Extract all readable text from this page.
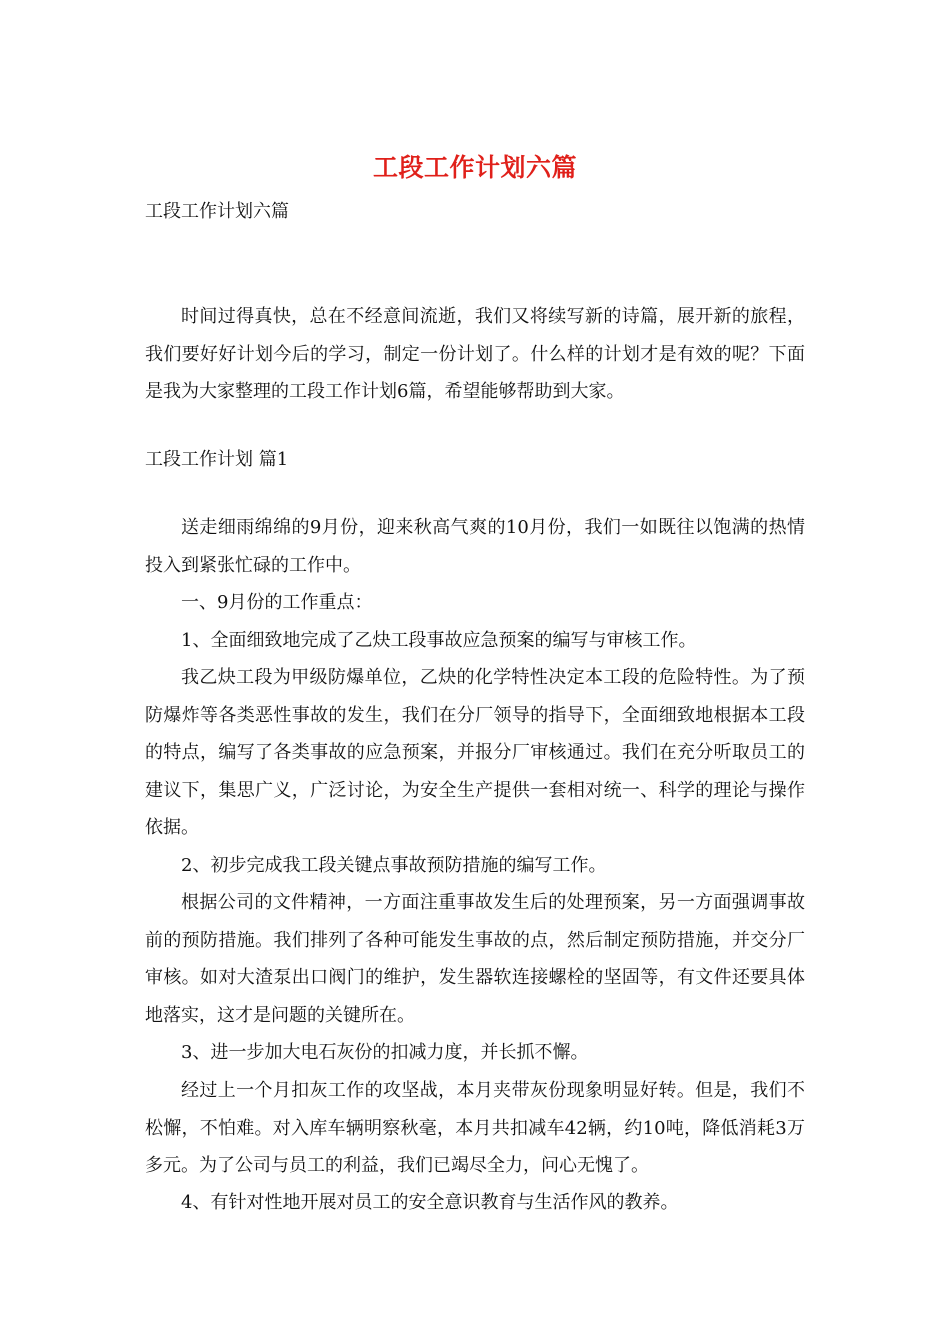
工段工作计划六篇
工段工作计划六篇

时间过得真快，总在不经意间流逝，我们又将续写新的诗篇，展开新的旅程，我们要好好计划今后的学习，制定一份计划了。什么样的计划才是有效的呢？下面是我为大家整理的工段工作计划6篇，希望能够帮助到大家。

工段工作计划 篇1

送走细雨绵绵的9月份，迎来秋高气爽的10月份，我们一如既往以饱满的热情投入到紧张忙碌的工作中。

一、9月份的工作重点：

1、全面细致地完成了乙炔工段事故应急预案的编写与审核工作。

我乙炔工段为甲级防爆单位，乙炔的化学特性决定本工段的危险特性。为了预防爆炸等各类恶性事故的发生，我们在分厂领导的指导下，全面细致地根据本工段的特点，编写了各类事故的应急预案，并报分厂审核通过。我们在充分听取员工的建议下，集思广义，广泛讨论，为安全生产提供一套相对统一、科学的理论与操作依据。

2、初步完成我工段关键点事故预防措施的编写工作。

根据公司的文件精神，一方面注重事故发生后的处理预案，另一方面强调事故前的预防措施。我们排列了各种可能发生事故的点，然后制定预防措施，并交分厂审核。如对大渣泵出口阀门的维护，发生器软连接螺栓的坚固等，有文件还要具体地落实，这才是问题的关键所在。

3、进一步加大电石灰份的扣减力度，并长抓不懈。

经过上一个月扣灰工作的攻坚战，本月夹带灰份现象明显好转。但是，我们不松懈，不怕难。对入库车辆明察秋毫，本月共扣减车42辆，约10吨，降低消耗3万多元。为了公司与员工的利益，我们已竭尽全力，问心无愧了。

4、有针对性地开展对员工的安全意识教育与生活作风的教养。
